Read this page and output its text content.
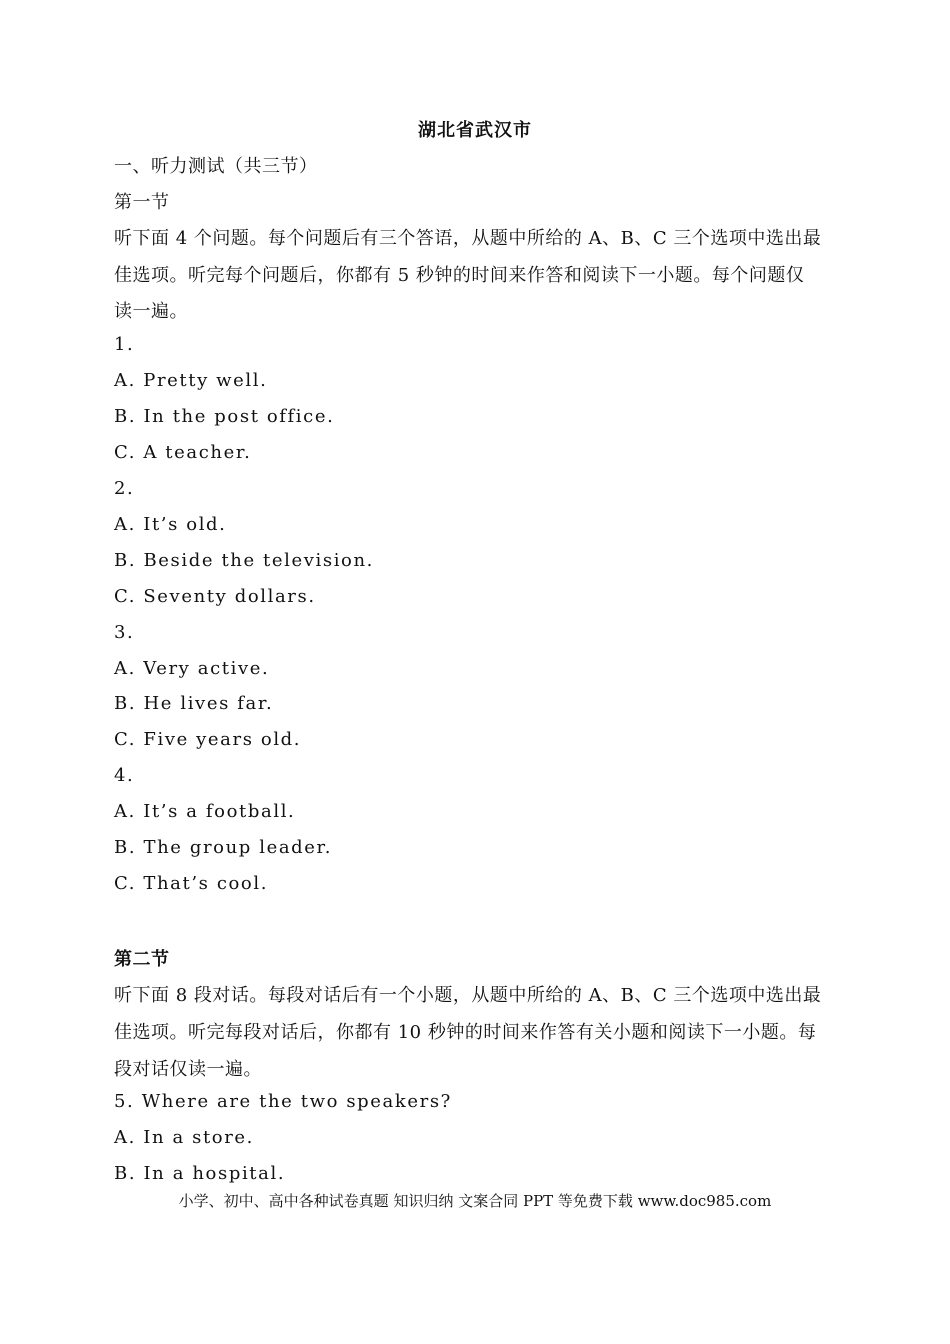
湖北省武汉市
一、听力测试（共三节）
第一节
听下面 4 个问题。每个问题后有三个答语，从题中所给的 A、B、C 三个选项中选出最
佳选项。听完每个问题后，你都有 5 秒钟的时间来作答和阅读下一小题。每个问题仅
读一遍。
1.
A. Pretty well.
B. In the post office.
C. A teacher.
2.
A. It’s old.
B. Beside the television.
C. Seventy dollars.
3.
A. Very active.
B. He lives far.
C. Five years old.
4.
A. It’s a football.
B. The group leader.
C. That’s cool.
第二节
听下面 8 段对话。每段对话后有一个小题，从题中所给的 A、B、C 三个选项中选出最
佳选项。听完每段对话后，你都有 10 秒钟的时间来作答有关小题和阅读下一小题。每
段对话仅读一遍。
5. Where are the two speakers?
A. In a store.
B. In a hospital.
小学、初中、高中各种试卷真题 知识归纳 文案合同 PPT 等免费下载 www.doc985.com
